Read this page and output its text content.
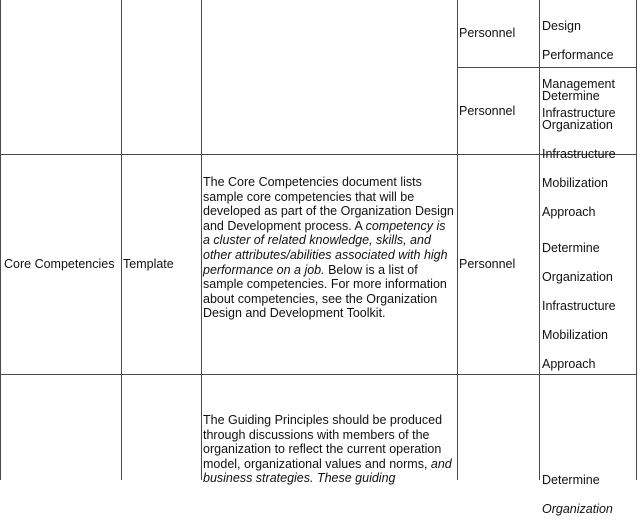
Personnel

Design

Performance

Management

Infrastructure

Personnel

Determine

Organization

Infrastructure

Mobilization

Approach

Core Competencies Template
The Core Competencies document lists sample core competencies that will be developed as part of the Organization Design and Development process. A competency is a cluster of related knowledge, skills, and other attributes/abilities associated with high performance on a job. Below is a list of sample competencies. For more information about competencies, see the Organization Design and Development Toolkit.
Personnel

Determine

Organization

Infrastructure

Mobilization

Approach

The Guiding Principles should be produced through discussions with members of the organization to reflect the current operation model, organizational values and norms, and business strategies. These guiding	Determine

Organization
